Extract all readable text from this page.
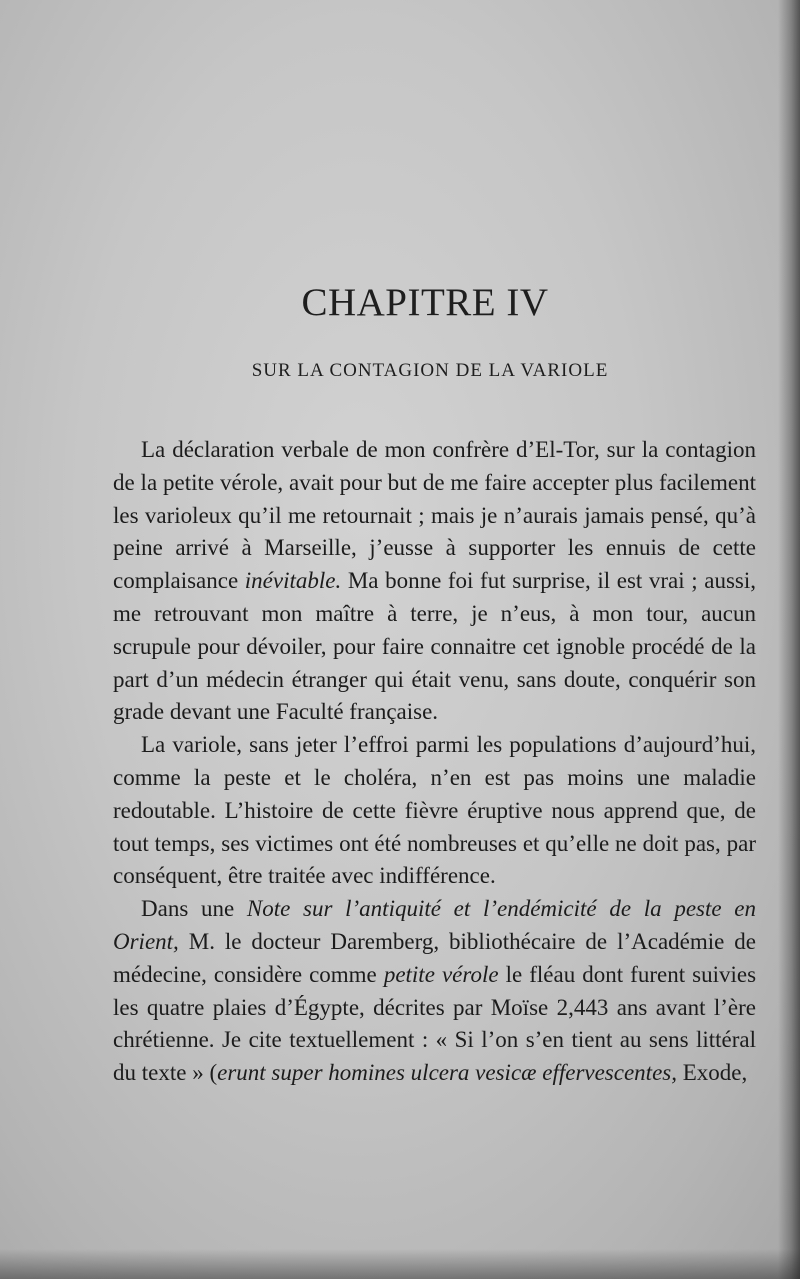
CHAPITRE IV
SUR LA CONTAGION DE LA VARIOLE

La déclaration verbale de mon confrère d’El-Tor, sur la contagion de la petite vérole, avait pour but de me faire accepter plus facilement les varioleux qu’il me retournait ; mais je n’aurais jamais pensé, qu’à peine arrivé à Marseille, j’eusse à supporter les ennuis de cette complaisance inévitable. Ma bonne foi fut surprise, il est vrai ; aussi, me retrouvant mon maître à terre, je n’eus, à mon tour, aucun scrupule pour dévoiler, pour faire connaitre cet ignoble procédé de la part d’un médecin étranger qui était venu, sans doute, conquérir son grade devant une Faculté française.

La variole, sans jeter l’effroi parmi les populations d’aujourd’hui, comme la peste et le choléra, n’en est pas moins une maladie redoutable. L’histoire de cette fièvre éruptive nous apprend que, de tout temps, ses victimes ont été nombreuses et qu’elle ne doit pas, par conséquent, être traitée avec indifférence.

Dans une Note sur l’antiquité et l’endémicité de la peste en Orient, M. le docteur Daremberg, bibliothécaire de l’Académie de médecine, considère comme petite vérole le fléau dont furent suivies les quatre plaies d’Égypte, décrites par Moïse 2,443 ans avant l’ère chrétienne. Je cite textuellement : « Si l’on s’en tient au sens littéral du texte » (erunt super homines ulcera vesicæ effervescentes, Exode,
